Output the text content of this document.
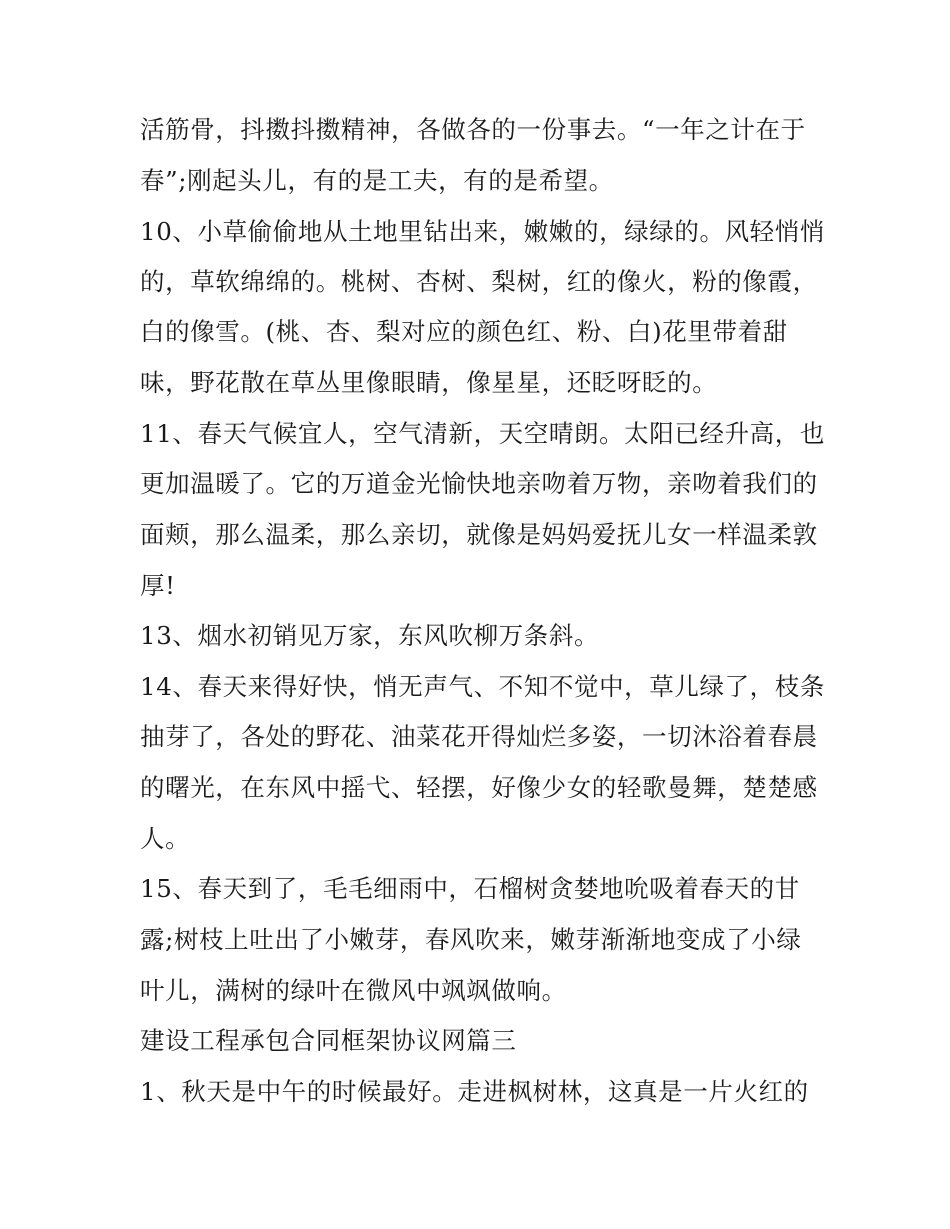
活筋骨，抖擞抖擞精神，各做各的一份事去。“一年之计在于
春”;刚起头儿，有的是工夫，有的是希望。
10、小草偷偷地从土地里钻出来，嫩嫩的，绿绿的。风轻悄悄
的，草软绵绵的。桃树、杏树、梨树，红的像火，粉的像霞，
白的像雪。(桃、杏、梨对应的颜色红、粉、白)花里带着甜
味，野花散在草丛里像眼睛，像星星，还眨呀眨的。
11、春天气候宜人，空气清新，天空晴朗。太阳已经升高，也
更加温暖了。它的万道金光愉快地亲吻着万物，亲吻着我们的
面颊，那么温柔，那么亲切，就像是妈妈爱抚儿女一样温柔敦
厚!
13、烟水初销见万家，东风吹柳万条斜。
14、春天来得好快，悄无声气、不知不觉中，草儿绿了，枝条
抽芽了，各处的野花、油菜花开得灿烂多姿，一切沐浴着春晨
的曙光，在东风中摇弋、轻摆，好像少女的轻歌曼舞，楚楚感
人。
15、春天到了，毛毛细雨中，石榴树贪婪地吮吸着春天的甘
露;树枝上吐出了小嫩芽，春风吹来，嫩芽渐渐地变成了小绿
叶儿，满树的绿叶在微风中飒飒做响。
建设工程承包合同框架协议网篇三
1、秋天是中午的时候最好。走进枫树林，这真是一片火红的
